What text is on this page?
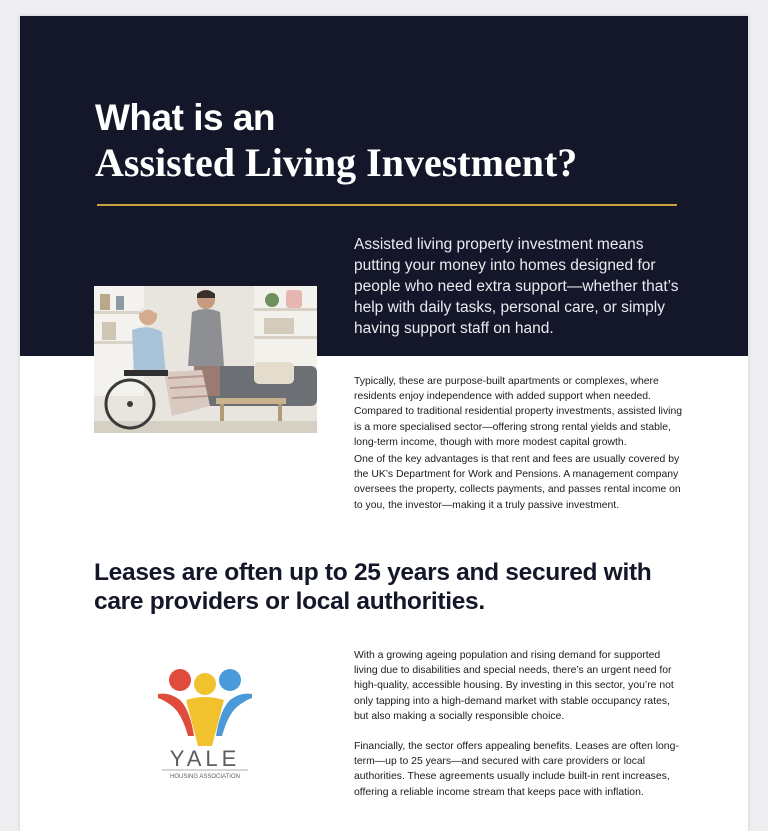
What is an
Assisted Living Investment?

Assisted living property investment means putting your money into homes designed for people who need extra support—whether that’s help with daily tasks, personal care, or simply having support staff on hand.

Typically, these are purpose-built apartments or complexes, where residents enjoy independence with added support when needed. Compared to traditional residential property investments, assisted living is a more specialised sector—offering strong rental yields and stable, long-term income, though with more modest capital growth.

One of the key advantages is that rent and fees are usually covered by the UK’s Department for Work and Pensions. A management company oversees the property, collects payments, and passes rental income on to you, the investor—making it a truly passive investment.

Leases are often up to 25 years and secured with care providers or local authorities.
YALE
HOUSING ASSOCIATION

With a growing ageing population and rising demand for supported living due to disabilities and special needs, there’s an urgent need for high-quality, accessible housing. By investing in this sector, you’re not only tapping into a high-demand market with stable occupancy rates, but also making a socially responsible choice.

Financially, the sector offers appealing benefits. Leases are often long-term—up to 25 years—and secured with care providers or local authorities. These agreements usually include built-in rent increases, offering a reliable income stream that keeps pace with inflation.
